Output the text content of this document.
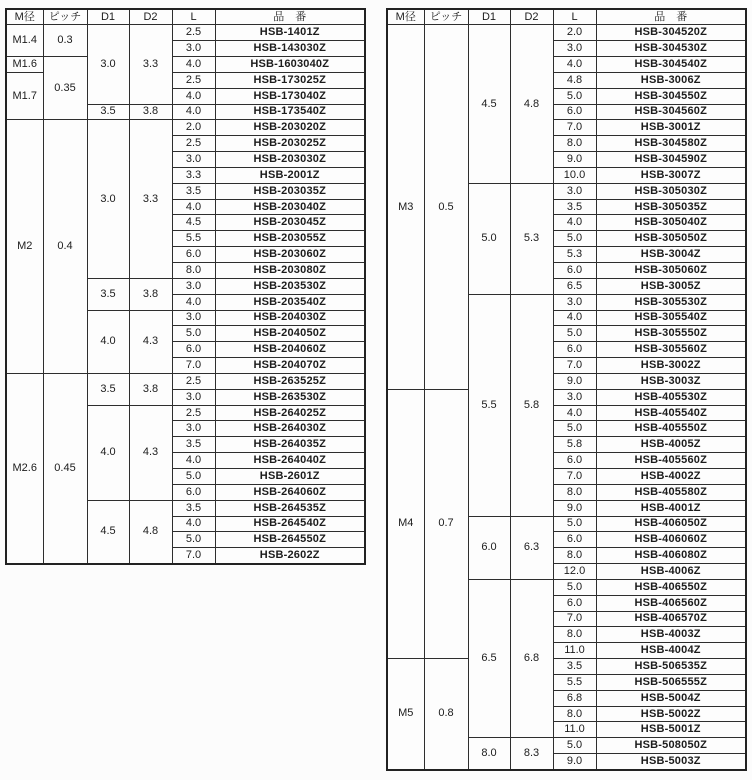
M径	ピッチ	D1	D2	L	品　番
M1.4	0.3	3.0	3.3	2.5	HSB-1401Z
				3.0	HSB-143030Z
M1.6	0.35			4.0	HSB-1603040Z
M1.7				2.5	HSB-173025Z
				4.0	HSB-173040Z
		3.5	3.8	4.0	HSB-173540Z
M2	0.4	3.0	3.3	2.0	HSB-203020Z
				2.5	HSB-203025Z
				3.0	HSB-203030Z
				3.3	HSB-2001Z
				3.5	HSB-203035Z
				4.0	HSB-203040Z
				4.5	HSB-203045Z
				5.5	HSB-203055Z
				6.0	HSB-203060Z
				8.0	HSB-203080Z
		3.5	3.8	3.0	HSB-203530Z
				4.0	HSB-203540Z
		4.0	4.3	3.0	HSB-204030Z
				5.0	HSB-204050Z
				6.0	HSB-204060Z
				7.0	HSB-204070Z
M2.6	0.45	3.5	3.8	2.5	HSB-263525Z
				3.0	HSB-263530Z
		4.0	4.3	2.5	HSB-264025Z
				3.0	HSB-264030Z
				3.5	HSB-264035Z
				4.0	HSB-264040Z
				5.0	HSB-2601Z
				6.0	HSB-264060Z
		4.5	4.8	3.5	HSB-264535Z
				4.0	HSB-264540Z
				5.0	HSB-264550Z
				7.0	HSB-2602Z
M径	ピッチ	D1	D2	L	品　番
M3	0.5	4.5	4.8	2.0	HSB-304520Z
				3.0	HSB-304530Z
				4.0	HSB-304540Z
				4.8	HSB-3006Z
				5.0	HSB-304550Z
				6.0	HSB-304560Z
				7.0	HSB-3001Z
				8.0	HSB-304580Z
				9.0	HSB-304590Z
				10.0	HSB-3007Z
		5.0	5.3	3.0	HSB-305030Z
				3.5	HSB-305035Z
				4.0	HSB-305040Z
				5.0	HSB-305050Z
				5.3	HSB-3004Z
				6.0	HSB-305060Z
				6.5	HSB-3005Z
		5.5	5.8	3.0	HSB-305530Z
				4.0	HSB-305540Z
				5.0	HSB-305550Z
				6.0	HSB-305560Z
				7.0	HSB-3002Z
				9.0	HSB-3003Z
M4	0.7			3.0	HSB-405530Z
				4.0	HSB-405540Z
				5.0	HSB-405550Z
				5.8	HSB-4005Z
				6.0	HSB-405560Z
				7.0	HSB-4002Z
				8.0	HSB-405580Z
				9.0	HSB-4001Z
		6.0	6.3	5.0	HSB-406050Z
				6.0	HSB-406060Z
				8.0	HSB-406080Z
				12.0	HSB-4006Z
		6.5	6.8	5.0	HSB-406550Z
				6.0	HSB-406560Z
				7.0	HSB-406570Z
				8.0	HSB-4003Z
				11.0	HSB-4004Z
M5	0.8			3.5	HSB-506535Z
				5.5	HSB-506555Z
				6.8	HSB-5004Z
				8.0	HSB-5002Z
				11.0	HSB-5001Z
		8.0	8.3	5.0	HSB-508050Z
				9.0	HSB-5003Z
